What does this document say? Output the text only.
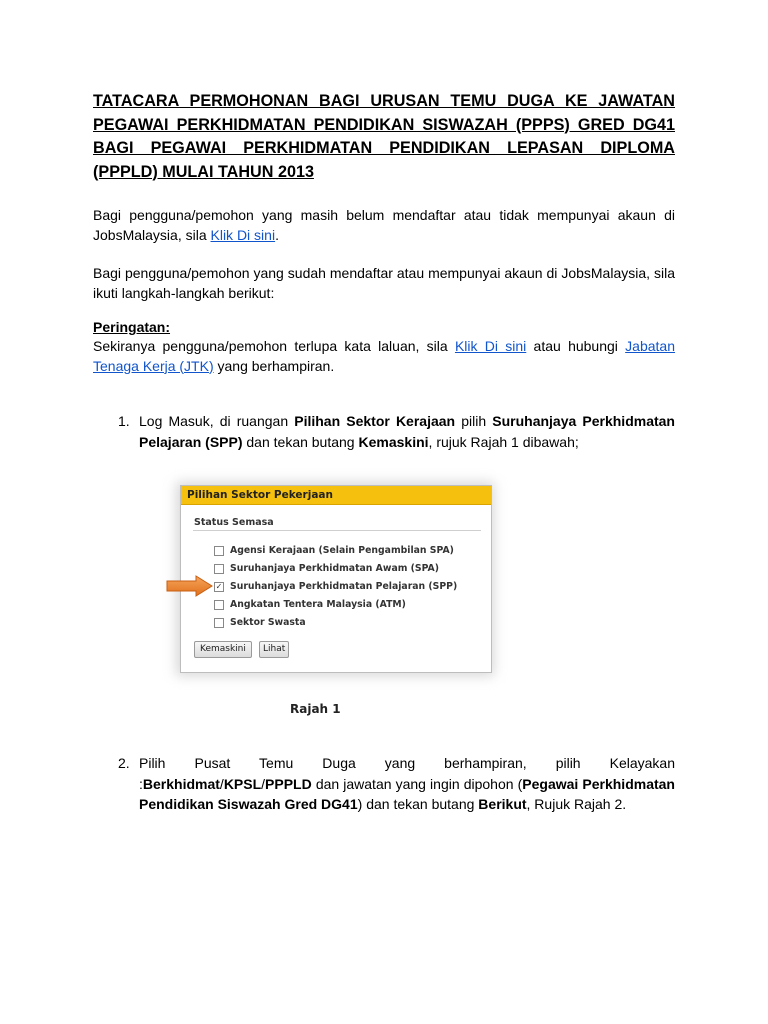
TATACARA PERMOHONAN BAGI URUSAN TEMU DUGA KE JAWATAN PEGAWAI PERKHIDMATAN PENDIDIKAN SISWAZAH (PPPS) GRED DG41 BAGI PEGAWAI PERKHIDMATAN PENDIDIKAN LEPASAN DIPLOMA (PPPLD) MULAI TAHUN 2013

Bagi pengguna/pemohon yang masih belum mendaftar atau tidak mempunyai akaun di JobsMalaysia, sila Klik Di sini.

Bagi pengguna/pemohon yang sudah mendaftar atau mempunyai akaun di JobsMalaysia, sila ikuti langkah-langkah berikut:

Peringatan:

Sekiranya pengguna/pemohon terlupa kata laluan, sila Klik Di sini atau hubungi Jabatan Tenaga Kerja (JTK) yang berhampiran.

1. Log Masuk, di ruangan Pilihan Sektor Kerajaan pilih Suruhanjaya Perkhidmatan Pelajaran (SPP) dan tekan butang Kemaskini, rujuk Rajah 1 dibawah;
Pilihan Sektor Pekerjaan
Status Semasa
Agensi Kerajaan (Selain Pengambilan SPA)
Suruhanjaya Perkhidmatan Awam (SPA)
✓ Suruhanjaya Perkhidmatan Pelajaran (SPP)
Angkatan Tentera Malaysia (ATM)
Sektor Swasta
Kemaskini	Lihat
Rajah 1
2. Pilih Pusat Temu Duga yang berhampiran, pilih Kelayakan :Berkhidmat/KPSL/PPPLD dan jawatan yang ingin dipohon (Pegawai Perkhidmatan Pendidikan Siswazah Gred DG41) dan tekan butang Berikut, Rujuk Rajah 2.
